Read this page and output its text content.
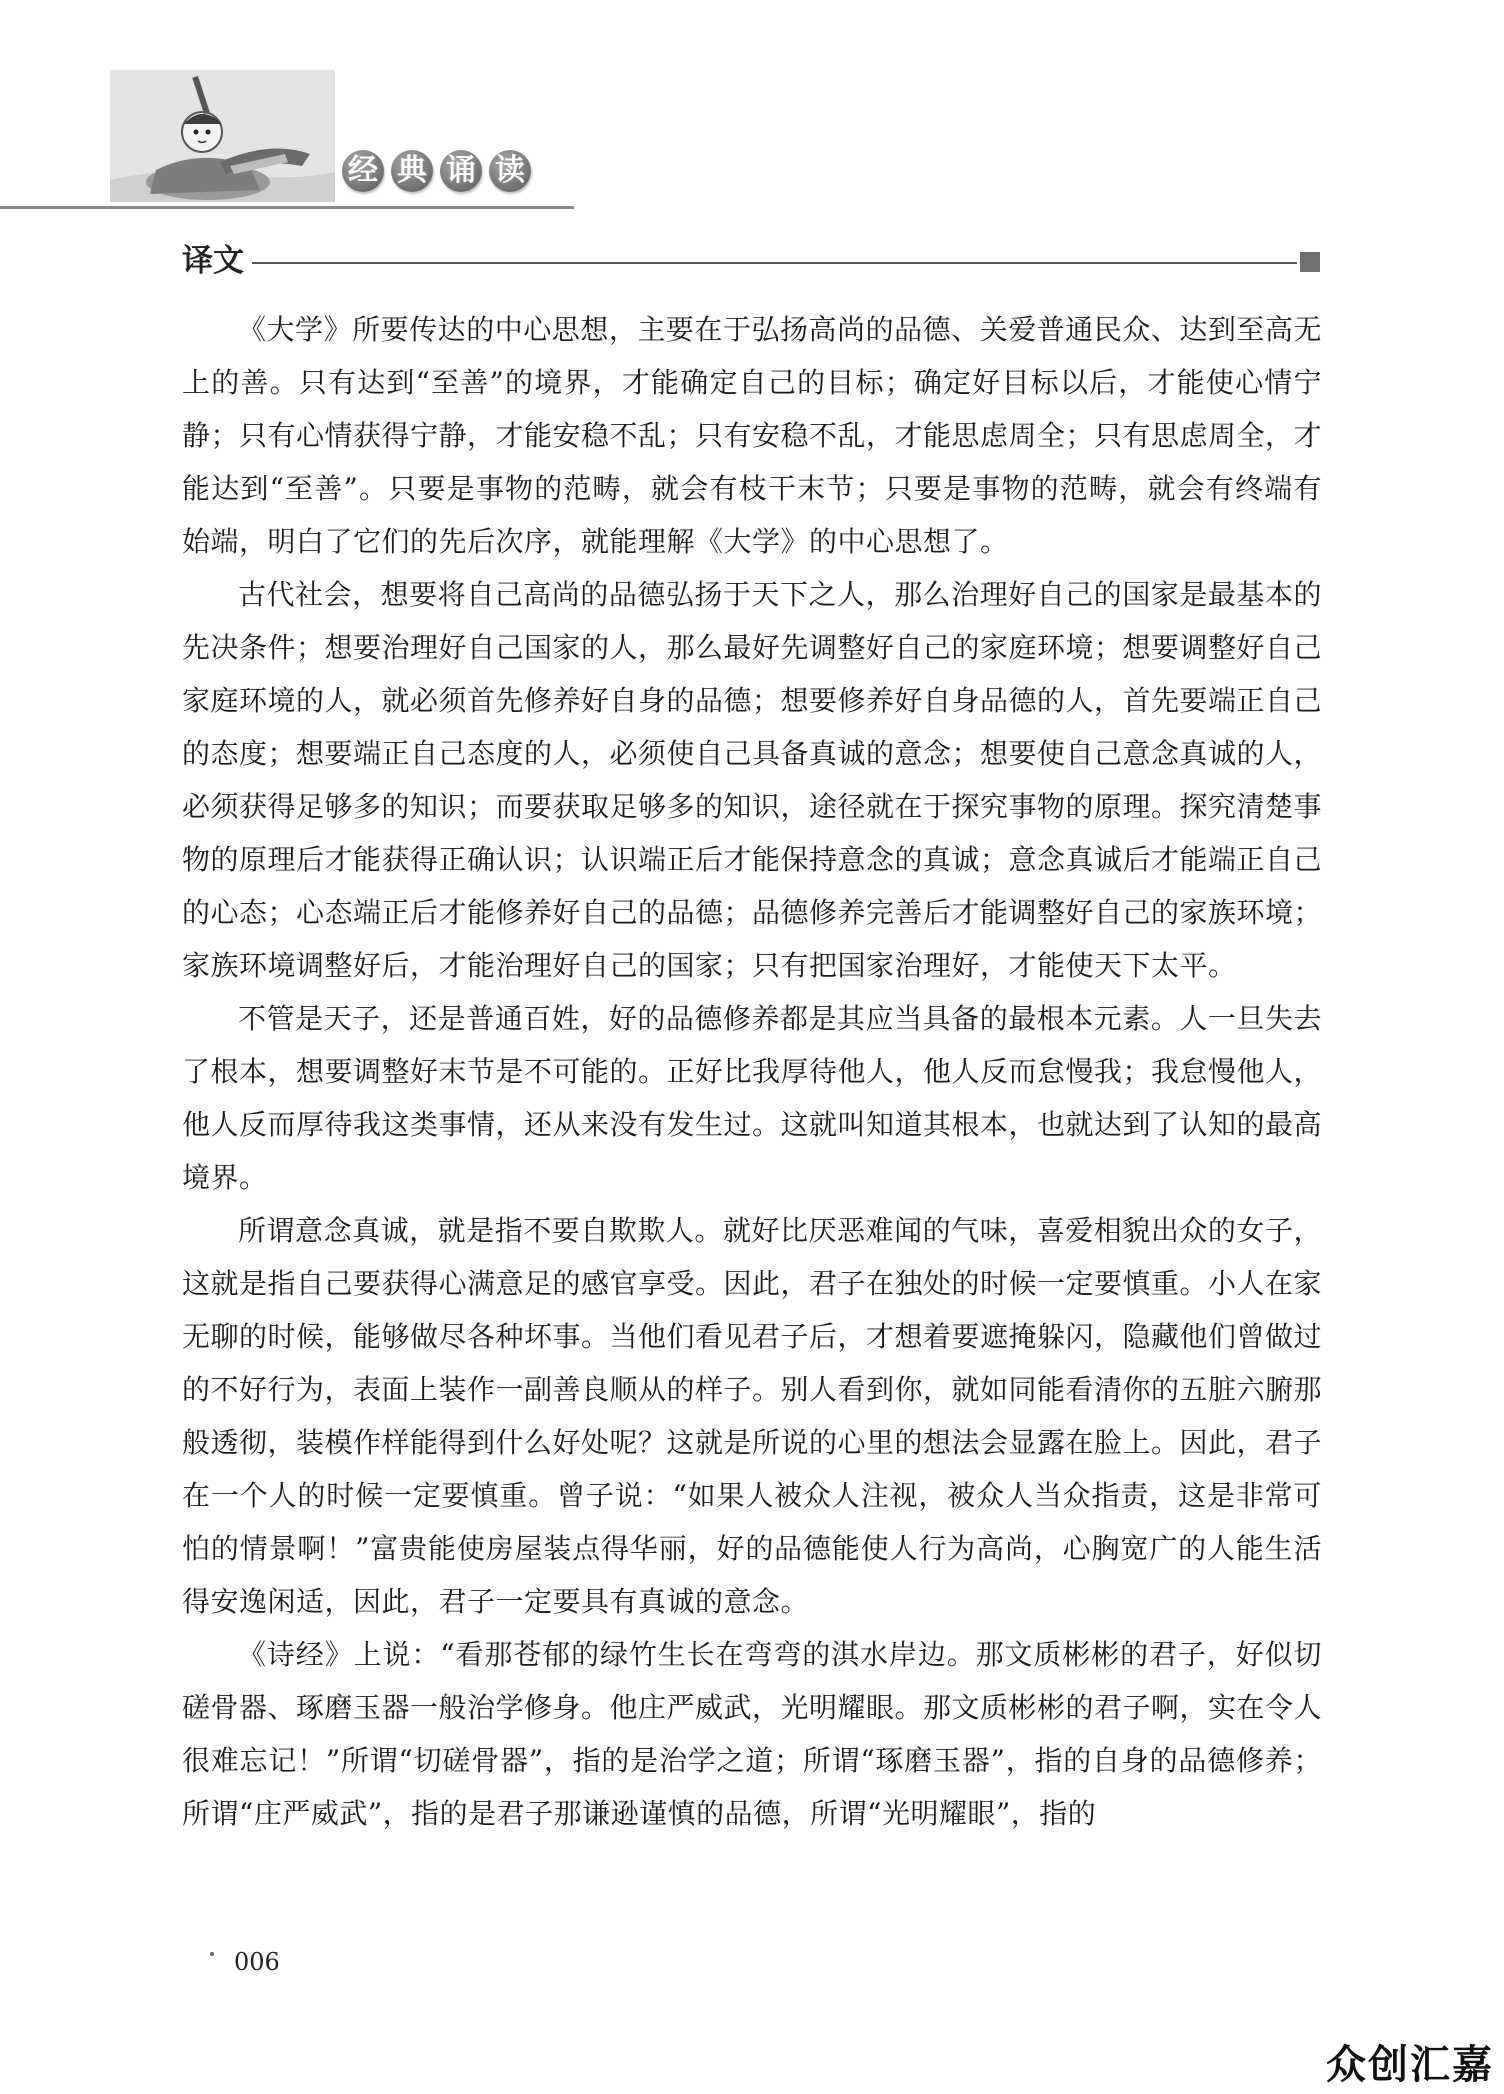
经 典 诵 读
译文

《大学》所要传达的中心思想，主要在于弘扬高尚的品德、关爱普通民众、达到至高无上的善。只有达到“至善”的境界，才能确定自己的目标；确定好目标以后，才能使心情宁静；只有心情获得宁静，才能安稳不乱；只有安稳不乱，才能思虑周全；只有思虑周全，才能达到“至善”。只要是事物的范畴，就会有枝干末节；只要是事物的范畴，就会有终端有始端，明白了它们的先后次序，就能理解《大学》的中心思想了。

古代社会，想要将自己高尚的品德弘扬于天下之人，那么治理好自己的国家是最基本的先决条件；想要治理好自己国家的人，那么最好先调整好自己的家庭环境；想要调整好自己家庭环境的人，就必须首先修养好自身的品德；想要修养好自身品德的人，首先要端正自己的态度；想要端正自己态度的人，必须使自己具备真诚的意念；想要使自己意念真诚的人，必须获得足够多的知识；而要获取足够多的知识，途径就在于探究事物的原理。探究清楚事物的原理后才能获得正确认识；认识端正后才能保持意念的真诚；意念真诚后才能端正自己的心态；心态端正后才能修养好自己的品德；品德修养完善后才能调整好自己的家族环境；家族环境调整好后，才能治理好自己的国家；只有把国家治理好，才能使天下太平。

不管是天子，还是普通百姓，好的品德修养都是其应当具备的最根本元素。人一旦失去了根本，想要调整好末节是不可能的。正好比我厚待他人，他人反而怠慢我；我怠慢他人，他人反而厚待我这类事情，还从来没有发生过。这就叫知道其根本，也就达到了认知的最高境界。

所谓意念真诚，就是指不要自欺欺人。就好比厌恶难闻的气味，喜爱相貌出众的女子，这就是指自己要获得心满意足的感官享受。因此，君子在独处的时候一定要慎重。小人在家无聊的时候，能够做尽各种坏事。当他们看见君子后，才想着要遮掩躲闪，隐藏他们曾做过的不好行为，表面上装作一副善良顺从的样子。别人看到你，就如同能看清你的五脏六腑那般透彻，装模作样能得到什么好处呢？这就是所说的心里的想法会显露在脸上。因此，君子在一个人的时候一定要慎重。曾子说：“如果人被众人注视，被众人当众指责，这是非常可怕的情景啊！”富贵能使房屋装点得华丽，好的品德能使人行为高尚，心胸宽广的人能生活得安逸闲适，因此，君子一定要具有真诚的意念。

《诗经》上说：“看那苍郁的绿竹生长在弯弯的淇水岸边。那文质彬彬的君子，好似切磋骨器、琢磨玉器一般治学修身。他庄严威武，光明耀眼。那文质彬彬的君子啊，实在令人很难忘记！”所谓“切磋骨器”，指的是治学之道；所谓“琢磨玉器”，指的自身的品德修养；所谓“庄严威武”，指的是君子那谦逊谨慎的品德，所谓“光明耀眼”，指的

006
众创汇嘉
